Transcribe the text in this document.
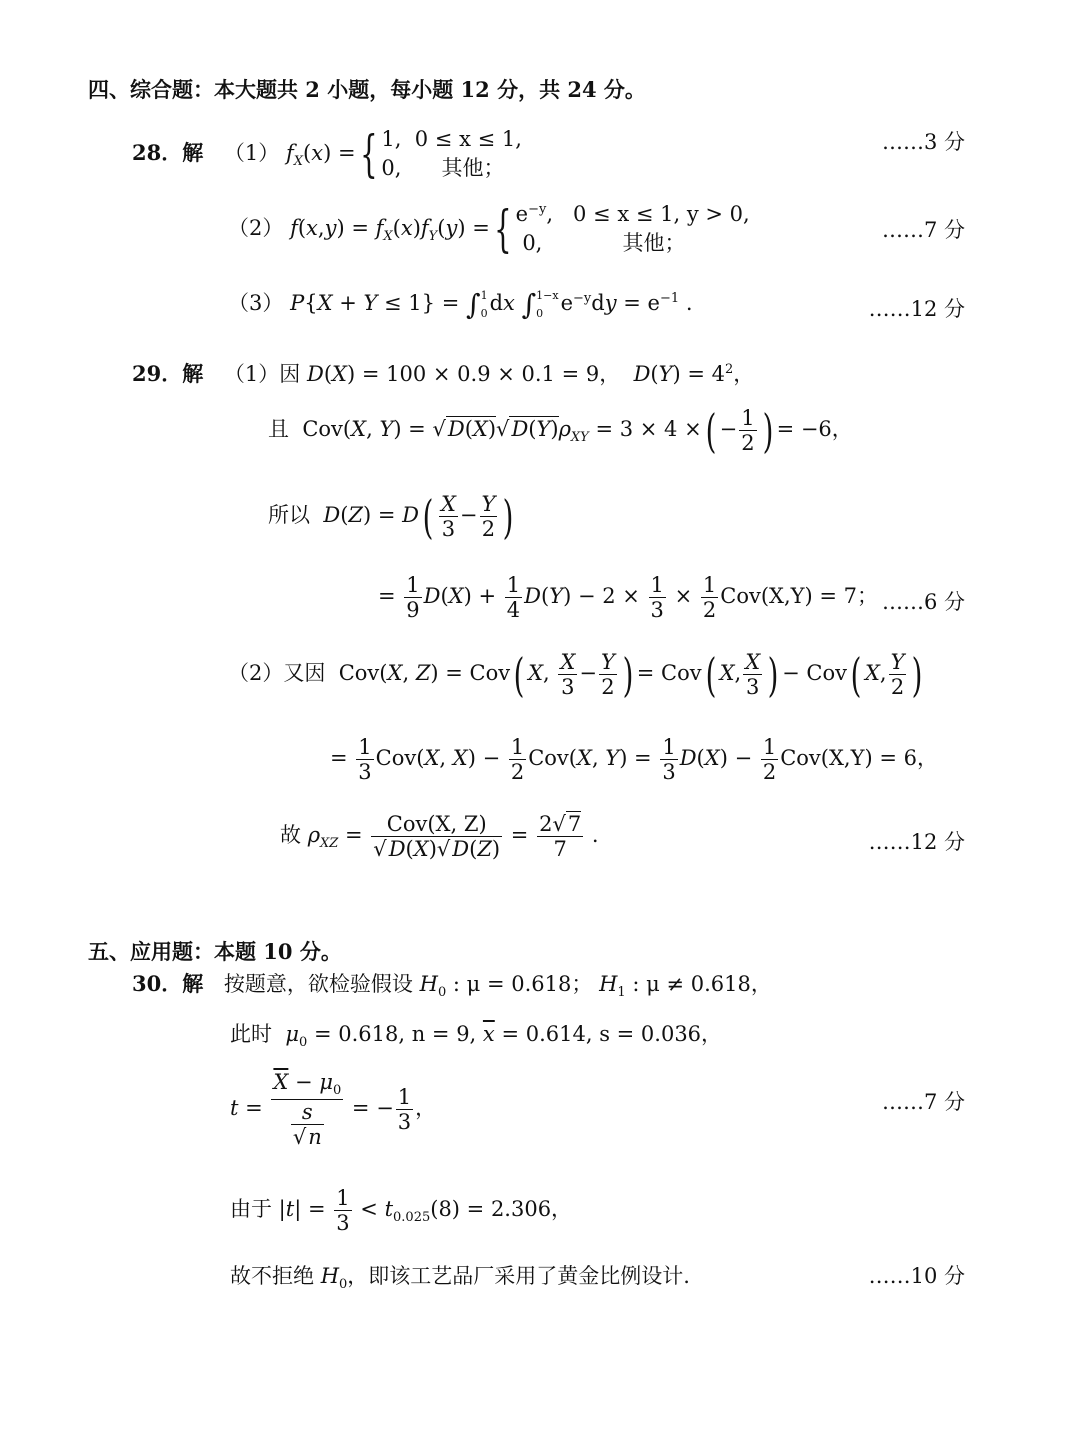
四、综合题：本大题共 2 小题，每小题 12 分，共 24 分。
28．解 （1） $f_X(x)$ ={ 1, 0 ≤ x ≤ 1,
0, 其他；
……3 分
（2） $f(x,y) = f_X(x)f_Y(y)$ ={ $e^{-y}$,   0 ≤ x ≤ 1, y > 0,
0,	其他；
……7 分
（3） P{X + Y ≤ 1} = ∫1
0dx ∫1−x
0 $e^{-y}dy = e^{-1}$ .	……12 分
29．解 （1）因 D(X) = 100 × 0.9 × 0.1 = 9， $D(Y) = 4^2$，
且  Cov(X, $Y) = √D(X)√D(Y)\rho_{XY} = 3 \times 4$ ×( − $\frac{1}{2}$ ) = −6，
所以 $D(Z) = D( \frac{X}{3} - \frac{Y}{2}$ )
= $\frac{1}{9} D(X) + \frac{1}{4} D(Y) - 2 \times \frac{1}{3} \times \frac{1}{2} Cov(X,Y) = 7$； ……6 分
（2）又因  Cov(X, Z) = Cov( X, $\frac{X}{3} - \frac{Y}{2}$ ) = Cov( X, $\frac{X}{3}$ ) − Cov( X, $\frac{Y}{2}$ )
= $\frac{1}{3} Cov(X$, $X) - \frac{1}{2} Cov(X$, $Y) = \frac{1}{3} D(X) - \frac{1}{2} Cov(X,Y) = 6$，
故 $\rho_{XZ} = \frac{\text{Cov(X, Z)}}{√D(X)√D(Z)} = \frac{2√7}{7}$ .	……12 分
五、应用题：本题 10 分。
30．解 按题意，欲检验假设 $H_0$ : μ = 0.618； $H_1$ : μ ≠ 0.618，
此时 $\mu_0 = 0.618$, n = 9, $\overline{x} = 0.614$, s = 0.036，
$t = \frac{\overline{X} - \mu_0}{\frac{s}{√n}}$ = − $\frac{1}{3}$ ，	……7 分
由于 $|t| = \frac{1}{3} < t_{0.025}(8) = 2.306$，
故不拒绝 $H_0$，即该工艺品厂采用了黄金比例设计.	……10 分
